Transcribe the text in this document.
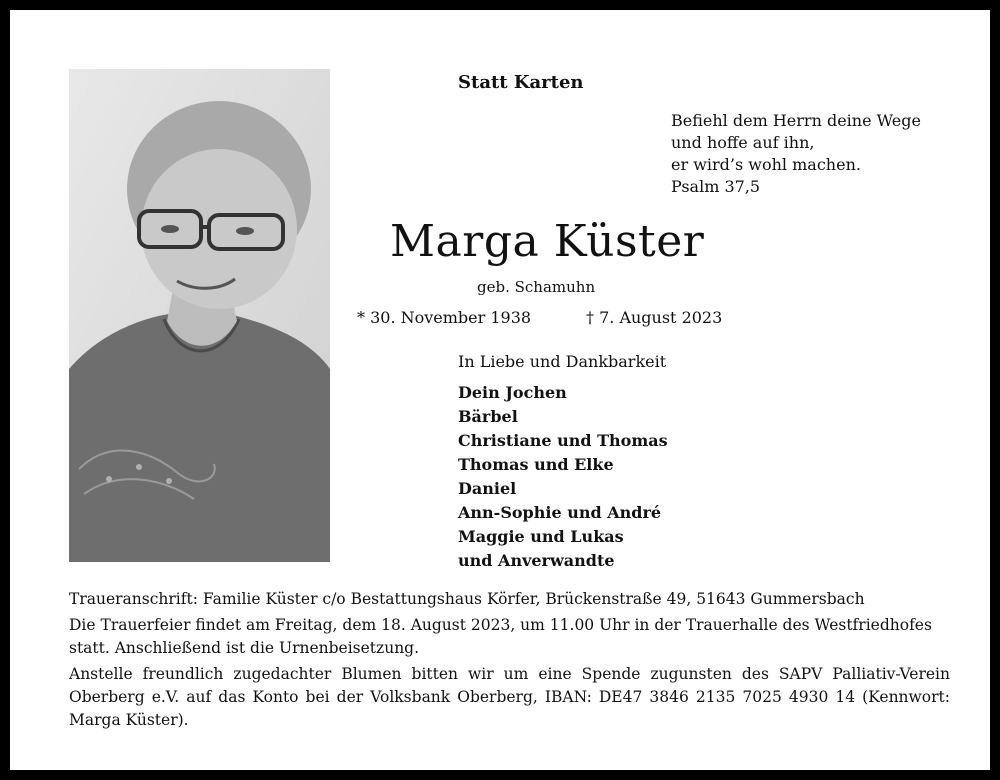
Statt Karten
Befiehl dem Herrn deine Wege
und hoffe auf ihn,
er wird’s wohl machen.
Psalm 37,5
Marga Küster
geb. Schamuhn
* 30. November 1938	† 7. August 2023
In Liebe und Dankbarkeit
Dein Jochen
Bärbel
Christiane und Thomas
Thomas und Elke
Daniel
Ann-Sophie und André
Maggie und Lukas
und Anverwandte

Traueranschrift: Familie Küster c/o Bestattungshaus Körfer, Brückenstraße 49, 51643 Gummersbach

Die Trauerfeier findet am Freitag, dem 18. August 2023, um 11.00 Uhr in der Trauerhalle des Westfriedhofes statt. Anschließend ist die Urnenbeisetzung.

Anstelle freundlich zugedachter Blumen bitten wir um eine Spende zugunsten des SAPV Palliativ-Verein Oberberg e.V. auf das Konto bei der Volksbank Oberberg, IBAN: DE47 3846 2135 7025 4930 14 (Kennwort: Marga Küster).
